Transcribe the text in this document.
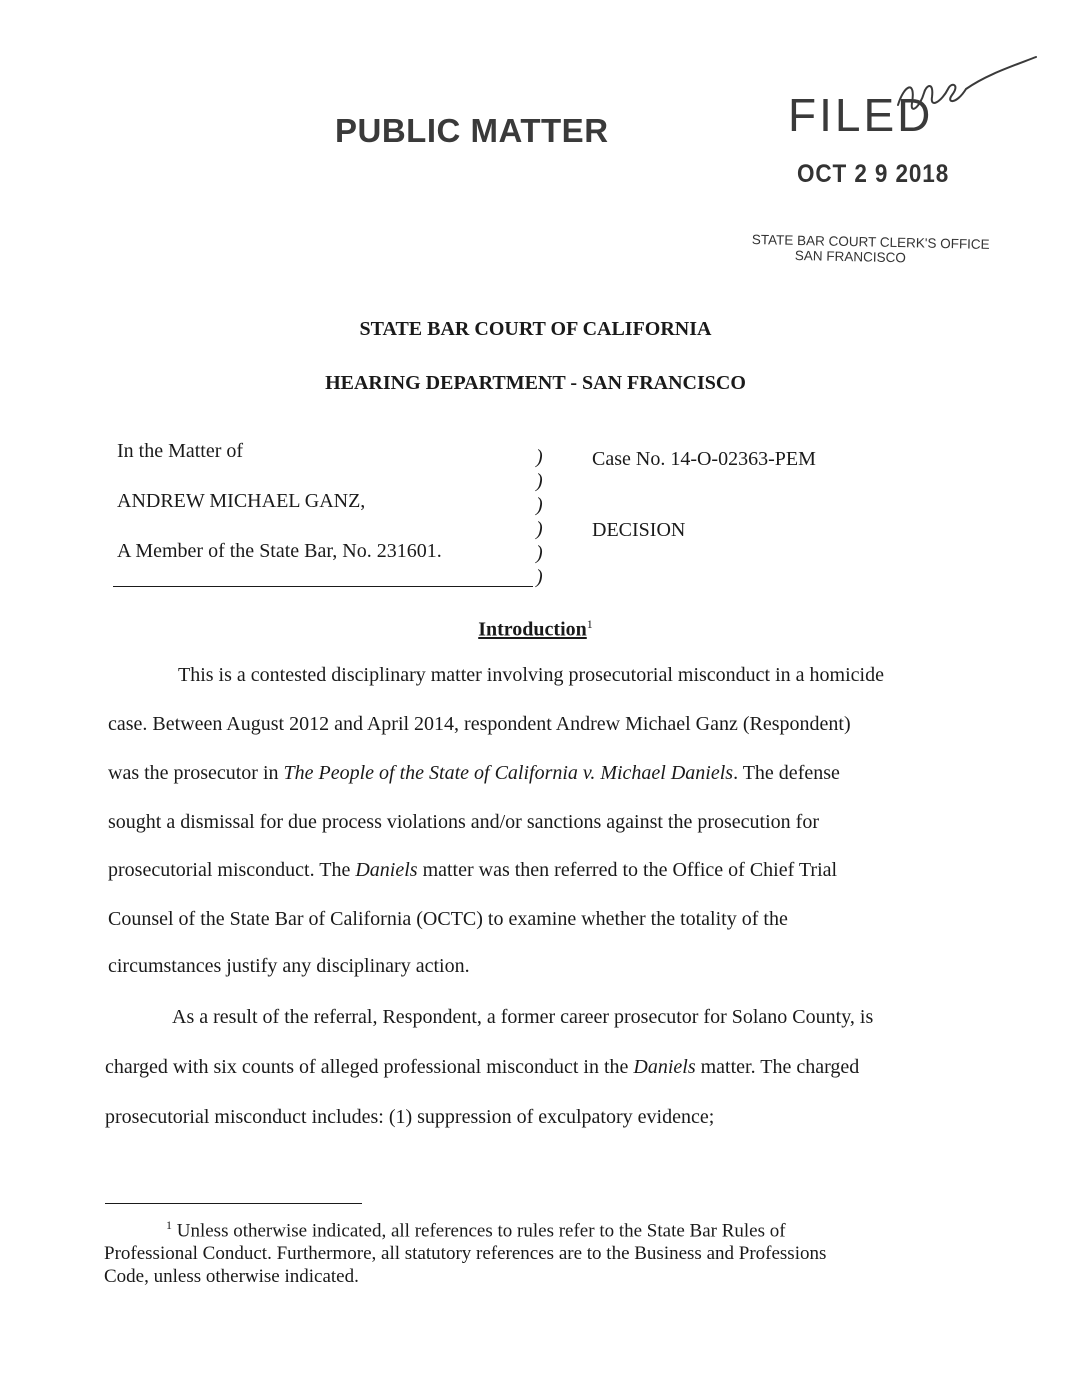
PUBLIC MATTER	FILED
OCT 2 9 2018
STATE BAR COURT CLERK'S OFFICE
SAN FRANCISCO
STATE BAR COURT OF CALIFORNIA
HEARING DEPARTMENT - SAN FRANCISCO
In the Matter of
ANDREW MICHAEL GANZ,
A Member of the State Bar, No. 231601.
)
)
)
)
)
)
Case No. 14-O-02363-PEM
DECISION
Introduction$^1$
This is a contested disciplinary matter involving prosecutorial misconduct in a homicide
case. Between August 2012 and April 2014, respondent Andrew Michael Ganz (Respondent)
was the prosecutor in The People of the State of California v. Michael Daniels. The defense
sought a dismissal for due process violations and/or sanctions against the prosecution for
prosecutorial misconduct. The Daniels matter was then referred to the Office of Chief Trial
Counsel of the State Bar of California (OCTC) to examine whether the totality of the
circumstances justify any disciplinary action.
As a result of the referral, Respondent, a former career prosecutor for Solano County, is
charged with six counts of alleged professional misconduct in the Daniels matter. The charged
prosecutorial misconduct includes: (1) suppression of exculpatory evidence;
$^1$ Unless otherwise indicated, all references to rules refer to the State Bar Rules of
Professional Conduct. Furthermore, all statutory references are to the Business and Professions
Code, unless otherwise indicated.
